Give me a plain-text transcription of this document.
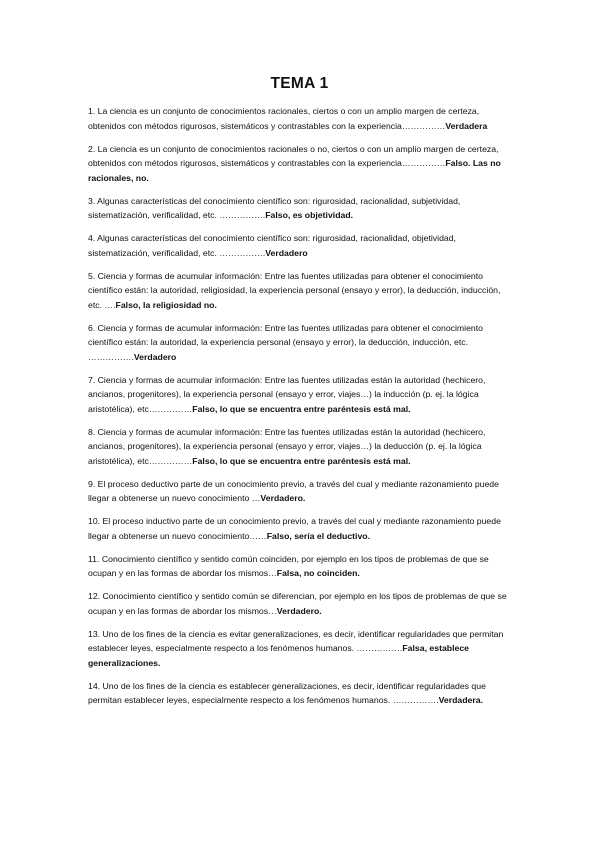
TEMA 1

1. La ciencia es un conjunto de conocimientos racionales, ciertos o con un amplio margen de certeza, obtenidos con métodos rigurosos, sistemáticos y contrastables con la experiencia……………Verdadera

2. La ciencia es un conjunto de conocimientos racionales o no, ciertos o con un amplio margen de certeza, obtenidos con métodos rigurosos, sistemáticos y contrastables con la experiencia……………Falso. Las no racionales, no.

3. Algunas características del conocimiento científico son: rigurosidad, racionalidad, subjetividad, sistematización, verificalidad, etc. …………….Falso, es objetividad.

4. Algunas características del conocimiento científico son: rigurosidad, racionalidad, objetividad, sistematización, verificalidad, etc. …………….Verdadero

5. Ciencia y formas de acumular información: Entre las fuentes utilizadas para obtener el conocimiento científico están: la autoridad, religiosidad, la experiencia personal (ensayo y error), la deducción, inducción, etc. ….Falso, la religiosidad no.

6. Ciencia y formas de acumular información: Entre las fuentes utilizadas para obtener el conocimiento científico están: la autoridad, la experiencia personal (ensayo y error), la deducción, inducción, etc. …………….Verdadero

7. Ciencia y formas de acumular información: Entre las fuentes utilizadas están la autoridad (hechicero, ancianos, progenitores), la experiencia personal (ensayo y error, viajes…) la inducción (p. ej. la lógica aristotélica), etc……………Falso, lo que se encuentra entre paréntesis está mal.

8. Ciencia y formas de acumular información: Entre las fuentes utilizadas están la autoridad (hechicero, ancianos, progenitores), la experiencia personal (ensayo y error, viajes…) la deducción (p. ej. la lógica aristotélica), etc……………Falso, lo que se encuentra entre paréntesis está mal.

9. El proceso deductivo parte de un conocimiento previo, a través del cual y mediante razonamiento puede llegar a obtenerse un nuevo conocimiento …Verdadero.

10. El proceso inductivo parte de un conocimiento previo, a través del cual y mediante razonamiento puede llegar a obtenerse un nuevo conocimiento……Falso, sería el deductivo.

11. Conocimiento científico y sentido común coinciden, por ejemplo en los tipos de problemas de que se ocupan y en las formas de abordar los mismos…Falsa, no coinciden.

12. Conocimiento científico y sentido común se diferencian, por ejemplo en los tipos de problemas de que se ocupan y en las formas de abordar los mismos…Verdadero.

13. Uno de los fines de la ciencia es evitar generalizaciones, es decir, identificar regularidades que permitan establecer leyes, especialmente respecto a los fenómenos humanos. …………….Falsa, establece generalizaciones.

14. Uno de los fines de la ciencia es establecer generalizaciones, es decir, identificar regularidades que permitan establecer leyes, especialmente respecto a los fenómenos humanos. …………….Verdadera.
